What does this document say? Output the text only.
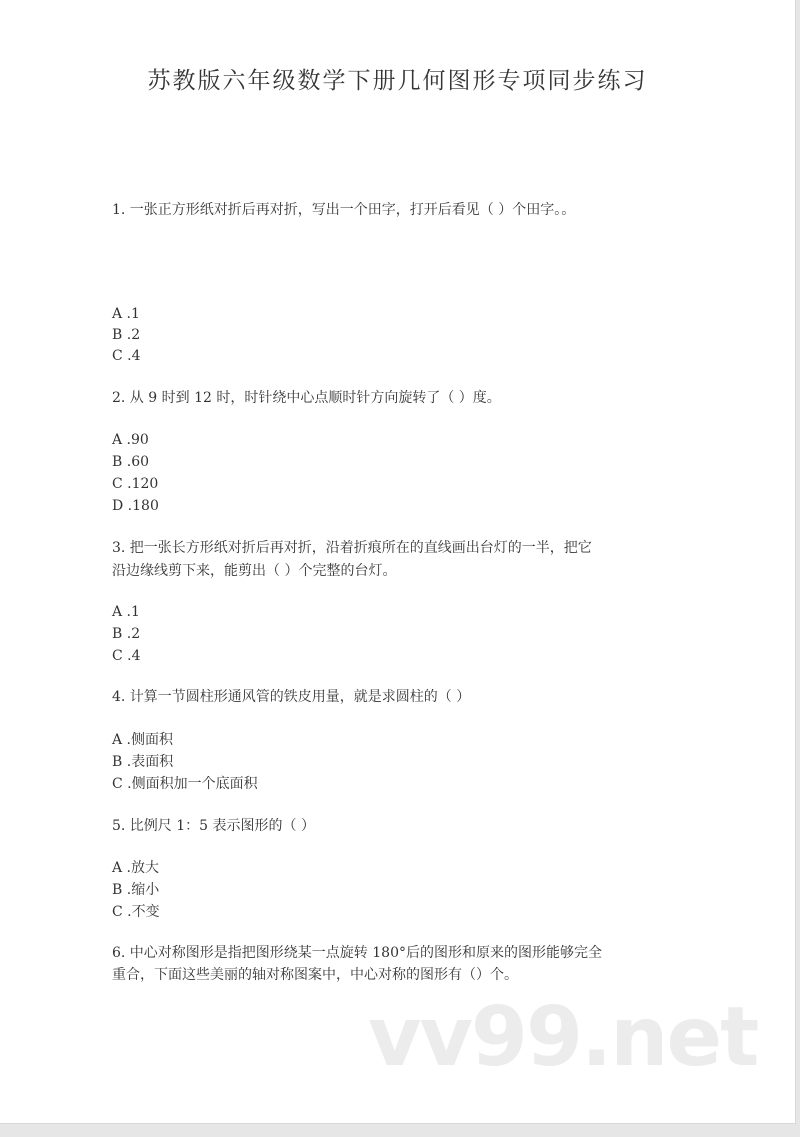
苏教版六年级数学下册几何图形专项同步练习
1. 一张正方形纸对折后再对折，写出一个田字，打开后看见（ ）个田字。。
A .1
B .2
C .4
2. 从 9 时到 12 时，时针绕中心点顺时针方向旋转了（ ）度。
A .90
B .60
C .120
D .180
3. 把一张长方形纸对折后再对折，沿着折痕所在的直线画出台灯的一半，把它
沿边缘线剪下来，能剪出（ ）个完整的台灯。
A .1
B .2
C .4
4. 计算一节圆柱形通风管的铁皮用量，就是求圆柱的（ ）
A .侧面积
B .表面积
C .侧面积加一个底面积
5. 比例尺 1：5 表示图形的（ ）
A .放大
B .缩小
C .不变
6. 中心对称图形是指把图形绕某一点旋转 180°后的图形和原来的图形能够完全
重合，下面这些美丽的轴对称图案中，中心对称的图形有（）个。
vv99.net
